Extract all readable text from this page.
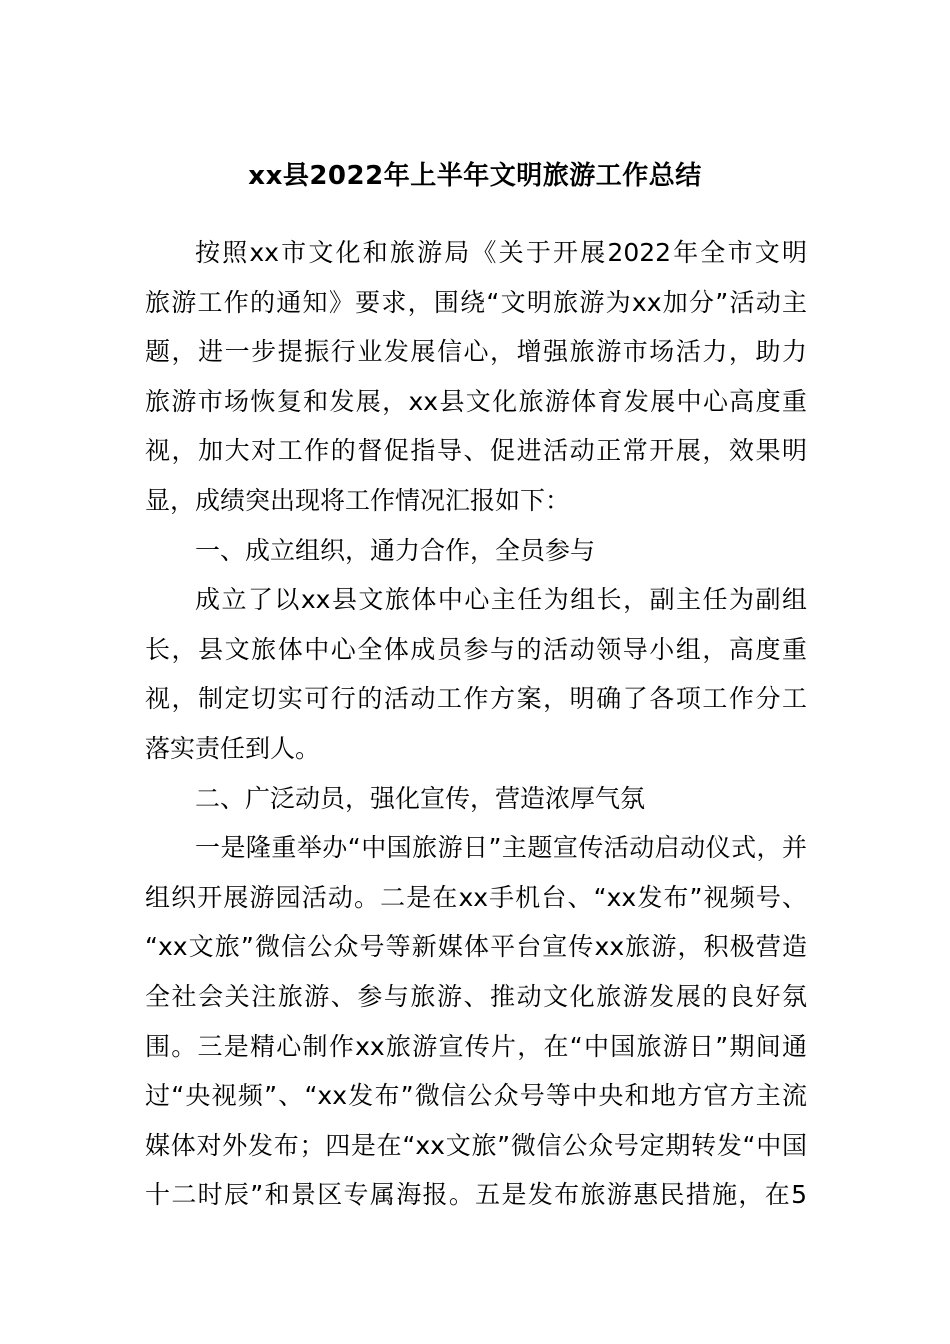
xx县2022年上半年文明旅游工作总结
按照xx市文化和旅游局《关于开展2022年全市文明
旅游工作的通知》要求，围绕“文明旅游为xx加分”活动主
题，进一步提振行业发展信心，增强旅游市场活力，助力
旅游市场恢复和发展，xx县文化旅游体育发展中心高度重
视，加大对工作的督促指导、促进活动正常开展，效果明
显，成绩突出现将工作情况汇报如下：
一、成立组织，通力合作，全员参与
成立了以xx县文旅体中心主任为组长，副主任为副组
长，县文旅体中心全体成员参与的活动领导小组，高度重
视，制定切实可行的活动工作方案，明确了各项工作分工
落实责任到人。
二、广泛动员，强化宣传，营造浓厚气氛
一是隆重举办“中国旅游日”主题宣传活动启动仪式，并
组织开展游园活动。二是在xx手机台、“xx发布”视频号、
“xx文旅”微信公众号等新媒体平台宣传xx旅游，积极营造
全社会关注旅游、参与旅游、推动文化旅游发展的良好氛
围。三是精心制作xx旅游宣传片，在“中国旅游日”期间通
过“央视频”、“xx发布”微信公众号等中央和地方官方主流
媒体对外发布；四是在“xx文旅”微信公众号定期转发“中国
十二时辰”和景区专属海报。五是发布旅游惠民措施，在5
